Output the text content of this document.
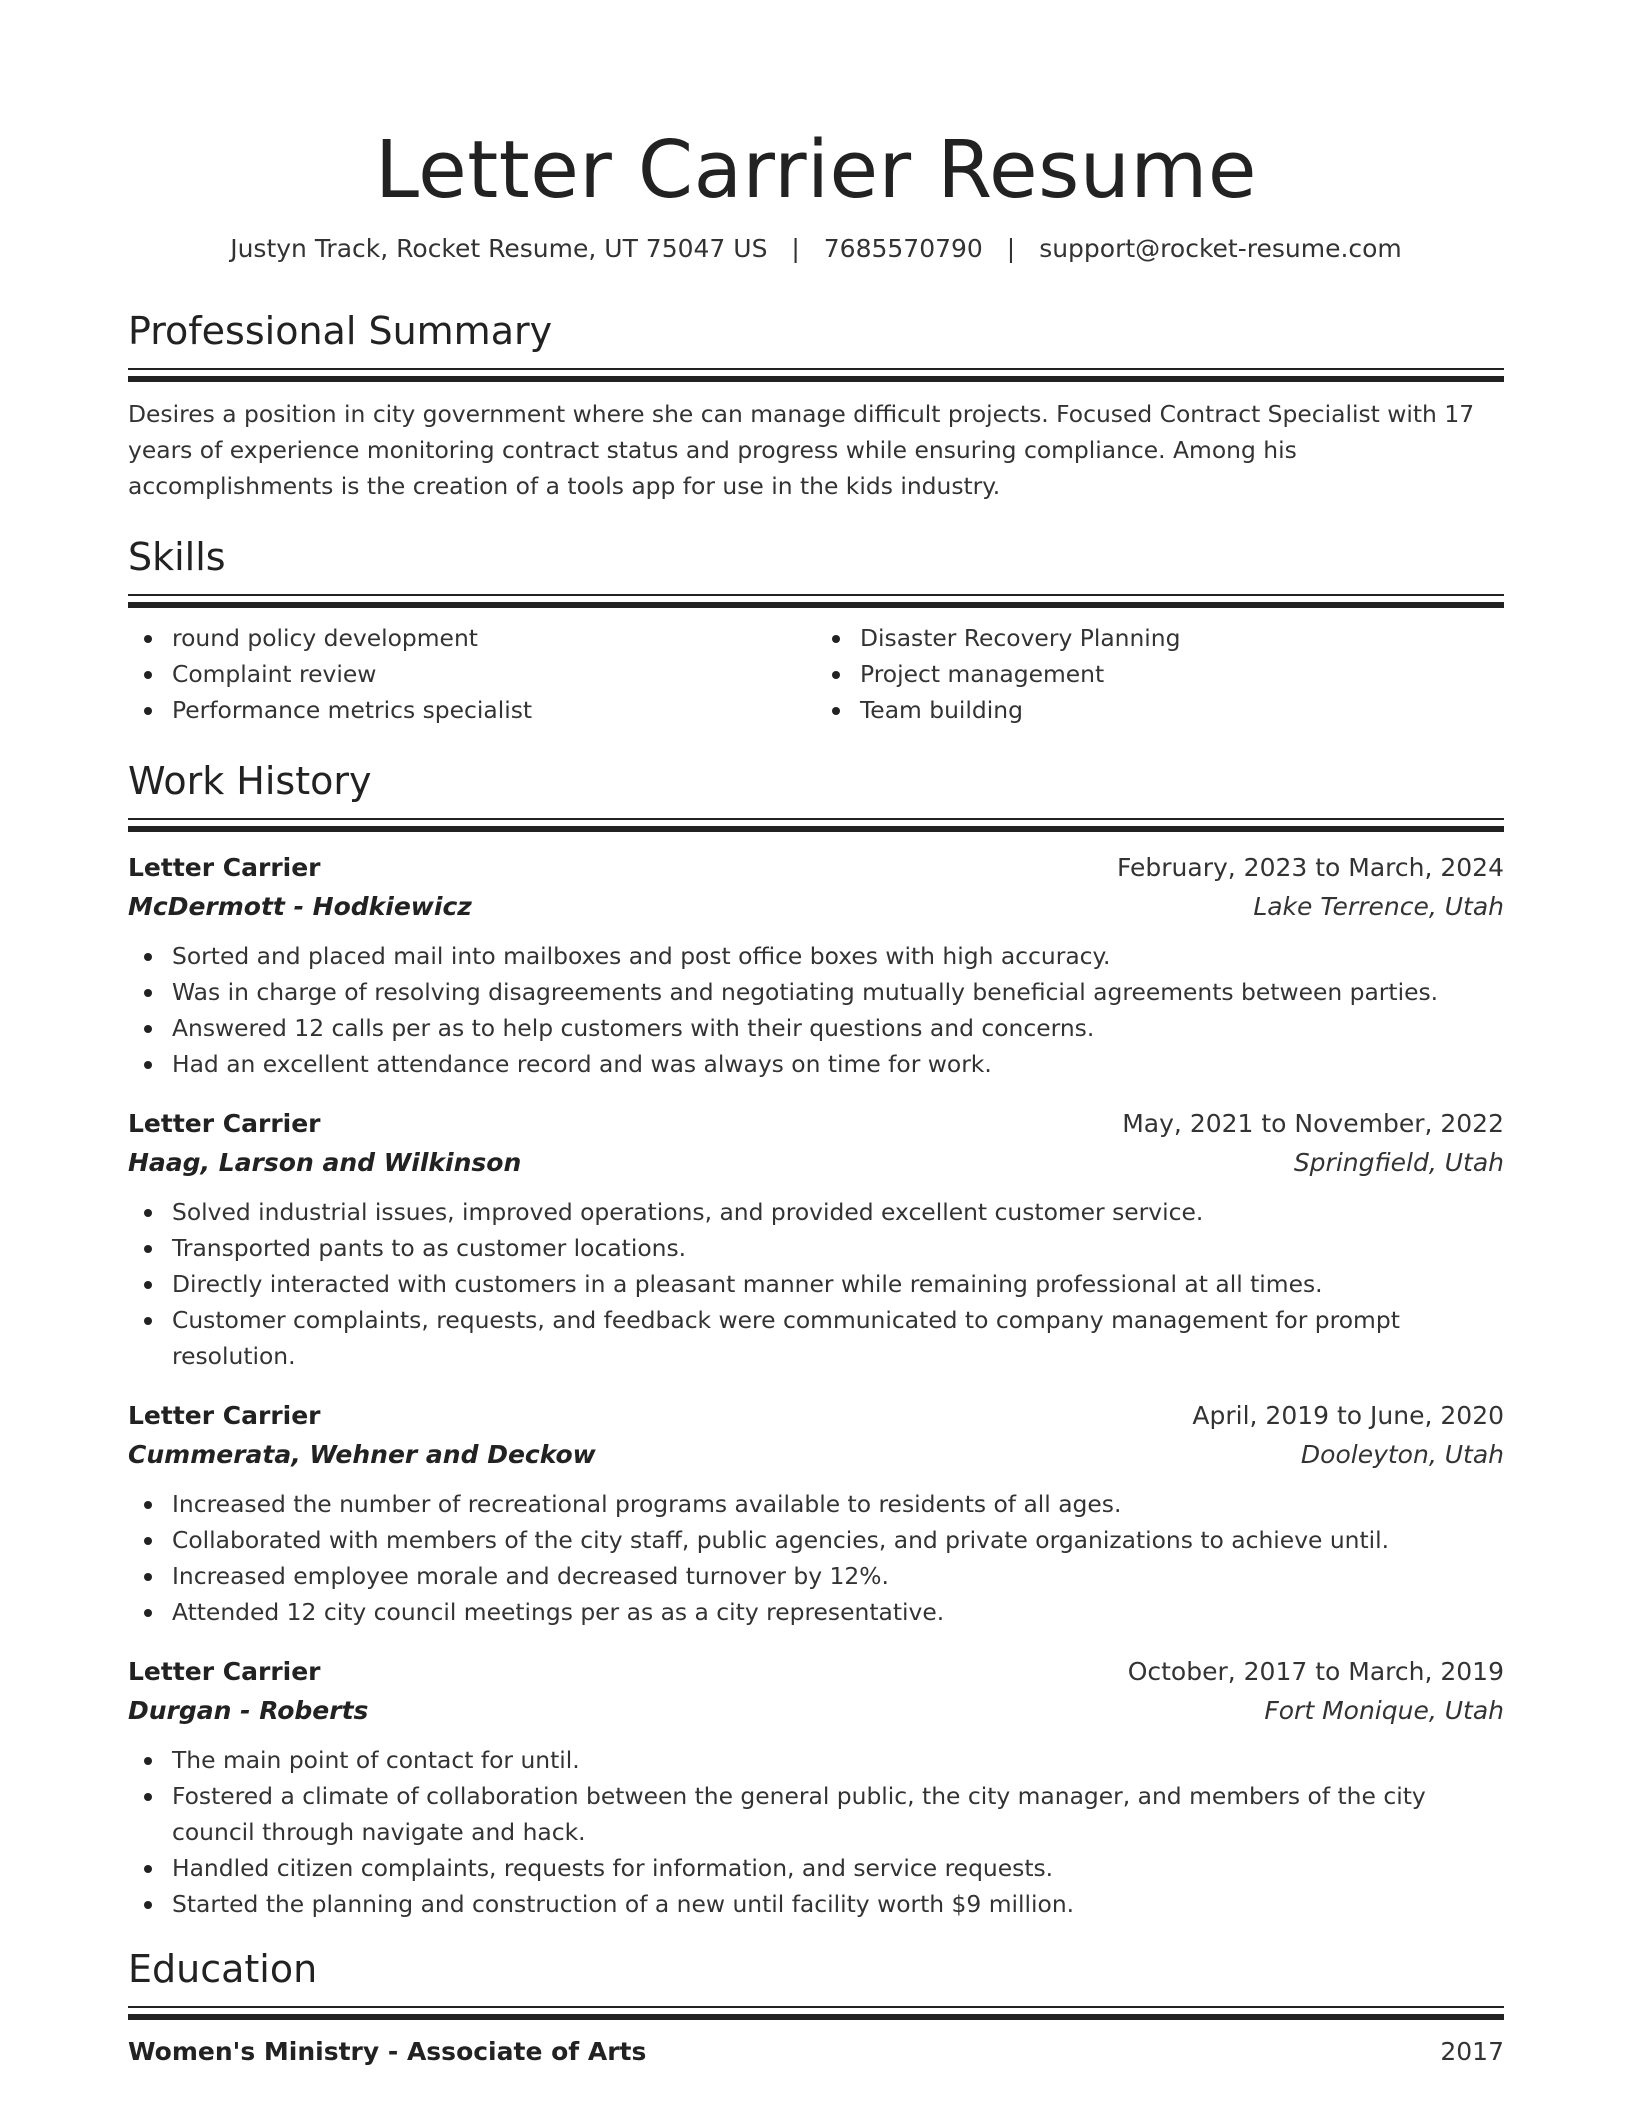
Letter Carrier Resume
Justyn Track, Rocket Resume, UT 75047 US | 7685570790 | support@rocket-resume.com
Professional Summary
Desires a position in city government where she can manage difficult projects. Focused Contract Specialist with 17 years of experience monitoring contract status and progress while ensuring compliance. Among his accomplishments is the creation of a tools app for use in the kids industry.
Skills
round policy development
Complaint review
Performance metrics specialist
Disaster Recovery Planning
Project management
Team building
Work History
Letter Carrier	February, 2023 to March, 2024
McDermott - Hodkiewicz	Lake Terrence, Utah
Sorted and placed mail into mailboxes and post office boxes with high accuracy.
Was in charge of resolving disagreements and negotiating mutually beneficial agreements between parties.
Answered 12 calls per as to help customers with their questions and concerns.
Had an excellent attendance record and was always on time for work.
Letter Carrier	May, 2021 to November, 2022
Haag, Larson and Wilkinson	Springfield, Utah
Solved industrial issues, improved operations, and provided excellent customer service.
Transported pants to as customer locations.
Directly interacted with customers in a pleasant manner while remaining professional at all times.
Customer complaints, requests, and feedback were communicated to company management for prompt resolution.
Letter Carrier	April, 2019 to June, 2020
Cummerata, Wehner and Deckow	Dooleyton, Utah
Increased the number of recreational programs available to residents of all ages.
Collaborated with members of the city staff, public agencies, and private organizations to achieve until.
Increased employee morale and decreased turnover by 12%.
Attended 12 city council meetings per as as a city representative.
Letter Carrier	October, 2017 to March, 2019
Durgan - Roberts	Fort Monique, Utah
The main point of contact for until.
Fostered a climate of collaboration between the general public, the city manager, and members of the city council through navigate and hack.
Handled citizen complaints, requests for information, and service requests.
Started the planning and construction of a new until facility worth $9 million.
Education
Women's Ministry - Associate of Arts	2017
